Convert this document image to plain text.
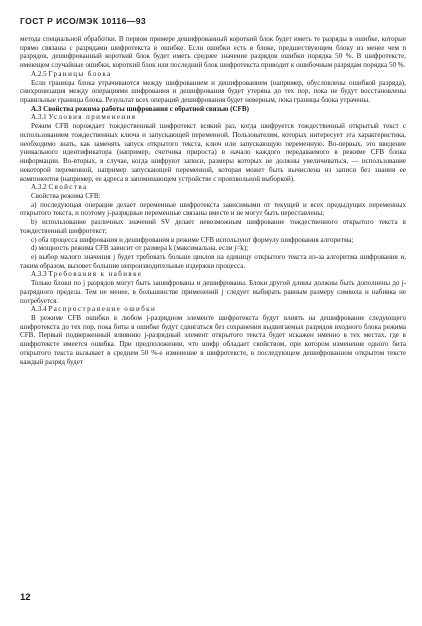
ГОСТ Р ИСО/МЭК 10116—93

метода специальной обработки. В первом примере дешифрованный короткий блок будет иметь те разряды в ошибке, которые прямо связаны с разрядами шифротекста в ошибке. Если ошибки есть в блоке, предшествующем блоку из менее чем n разрядов, дешифрованный короткий блок будет иметь среднее значение разрядов ошибки порядка 50 %. В шифротексте, имеющем случайные ошибки, короткий блок или последний блок шифротекста приводит к ошибочным разрядам порядка 50 %.

А.2.5 Границы блока

Если границы блока утрачиваются между шифрованием и дешифрованием (например, обусловлены ошибкой разряда), синхронизация между операциями шифрования и дешифрования будет утеряна до тех пор, пока не будут восстановлены правильные границы блока. Результат всех операций дешифрования будет неверным, пока границы блока утрачены.

А.3 Свойства режима работы шифрования с обратной связью (CFB)

А.3.1 Условия применения

Режим CFB порождает тождественный шифротекст всякий раз, когда шифруется тождественный открытый текст с использованием тождественных ключа и запускающей переменной. Пользователям, которых интересует эта характеристика, необходимо знать, как заменять запуск открытого текста, ключ или запускающую переменную. Во-первых, это введение уникального идентификатора (например, счетчика прироста) в начало каждого передаваемого в режиме CFB блока информации. Во-вторых, в случае, когда шифруют записи, размеры которых не должны увеличиваться, — использование некоторой переменной, например запускающей переменной, которая может быть вычислена из записи без знания ее компонентов (например, ее адреса в запоминающем устройстве с произвольной выборкой).

А.3.2 Свойства

Свойства режима CFB:

а) последующая операция делает переменные шифротекста зависимыми от текущей и всех предыдущих переменных открытого текста, и поэтому j-разрядные переменные связаны вместе и не могут быть переставлены;

b) использование различных значений SV делает невозможным шифрование тождественного открытого текста в тождественный шифротекст;

c) оба процесса шифрования и дешифрования в режиме CFB используют формулу шифрования алгоритма;

d) мощность режима CFB зависит от размера k (максимальна, если j=k);

e) выбор малого значения j будет требовать больше циклов на единицу открытого текста из-за алгоритма шифрования и, таким образом, вызовет большие непроизводительные издержки процесса.

А.3.3 Требования к набивке

Только блоки по j разрядов могут быть зашифрованы и дешифрованы. Блоки другой длины должны быть дополнены до j-разрядного предела. Тем не менее, в большинстве применений j следует выбирать равным размеру символа и набивка не потребуется.

А.3.4 Распространение ошибки

В режиме CFB ошибки в любом j-разрядном элементе шифротекста будут влиять на дешифрование следующего шифротекста до тех пор, пока биты в ошибке будут сдвигаться без сохранения выдвигаемых разрядов входного блока режима CFB. Первый подверженный влиянию j-разрядный элемент открытого текста будет искажен именно в тех местах, где в шифротексте имеется ошибка. При предположении, что шифр обладает свойством, при котором изменение одного бита открытого текста вызывает в среднем 50 %-е изменение в шифротексте, в последующем дешифрованном открытом тексте каждый разряд будет

12
